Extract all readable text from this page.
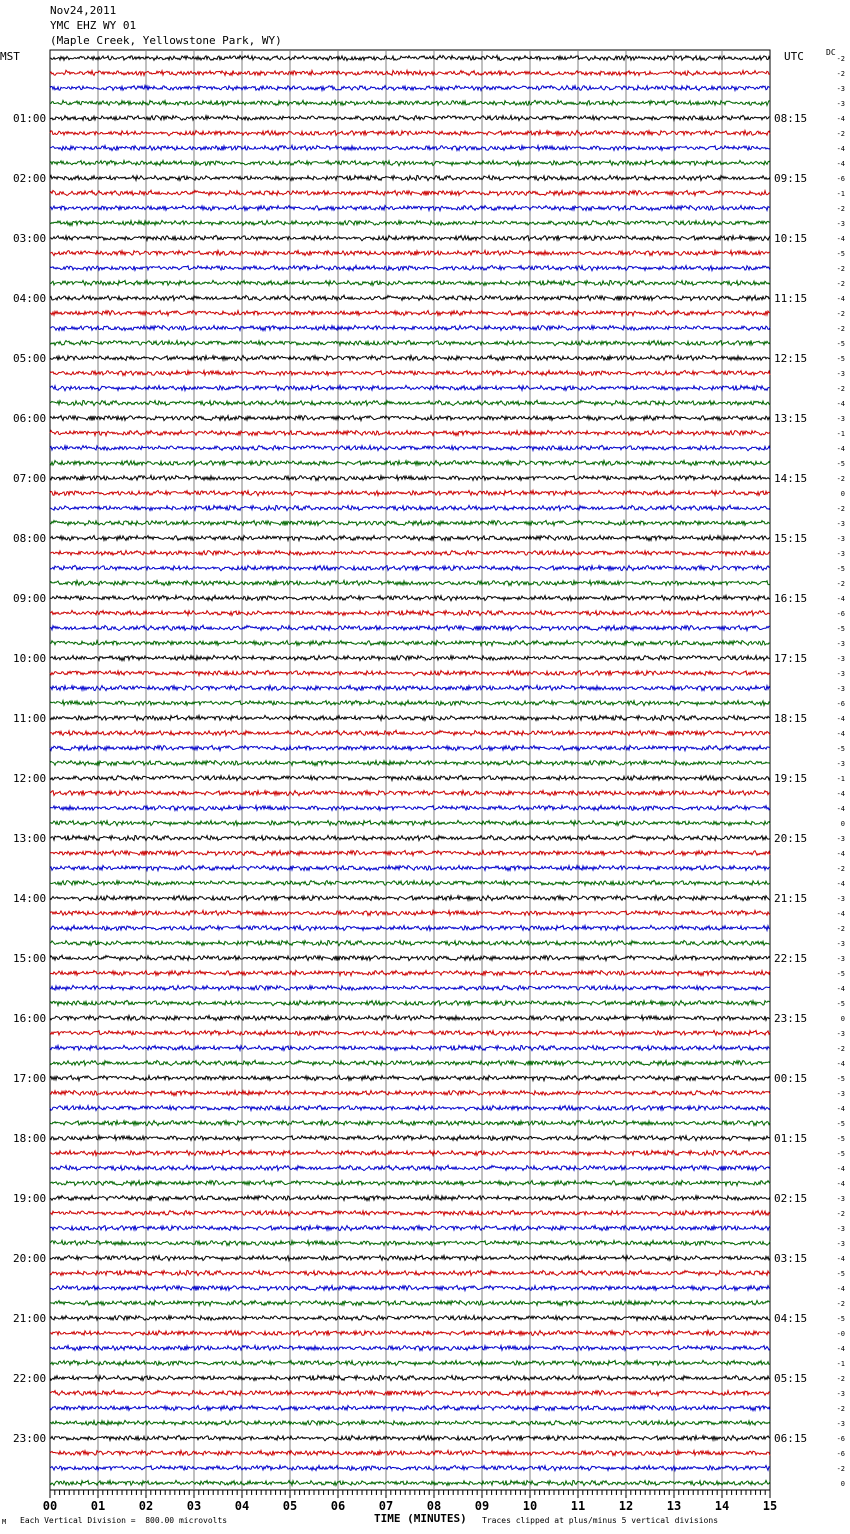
Nov24,2011
YMC EHZ WY 01
(Maple Creek, Yellowstone Park, WY)
MST	UTC	DC
01:00
02:00
03:00
04:00
05:00
06:00
07:00
08:00
09:00
10:00
11:00
12:00
13:00
14:00
15:00
16:00
17:00
18:00
19:00
20:00
21:00
22:00
23:00
08:15
09:15
10:15
11:15
12:15
13:15
14:15
15:15
16:15
17:15
18:15
19:15
20:15
21:15
22:15
23:15
00:15
01:15
02:15
03:15
04:15
05:15
06:15
-2
-2
-3
-3
-4
-2
-4
-4
-6
-1
-2
-3
-4
-5
-2
-2
-4
-2
-2
-5
-5
-3
-2
-4
-3
-1
-4
-5
-2
0
-2
-3
-3
-3
-5
-2
-4
-6
-5
-3
-3
-3
-3
-6
-4
-4
-5
-3
-1
-4
-4
0
-3
-4
-2
-4
-3
-4
-2
-3
-3
-5
-4
-5
0
-3
-2
-4
-5
-3
-4
-5
-5
-5
-4
-4
-3
-2
-3
-3
-4
-5
-4
-2
-5
-0
-4
-1
-2
-3
-2
-3
-6
-6
-2
0
00	01	02	03	04	05	06	07	08	09	10	11	12	13	14	15
M Each Vertical Division =  800.00 microvolts	TIME (MINUTES) Traces clipped at plus/minus 5 vertical divisions
